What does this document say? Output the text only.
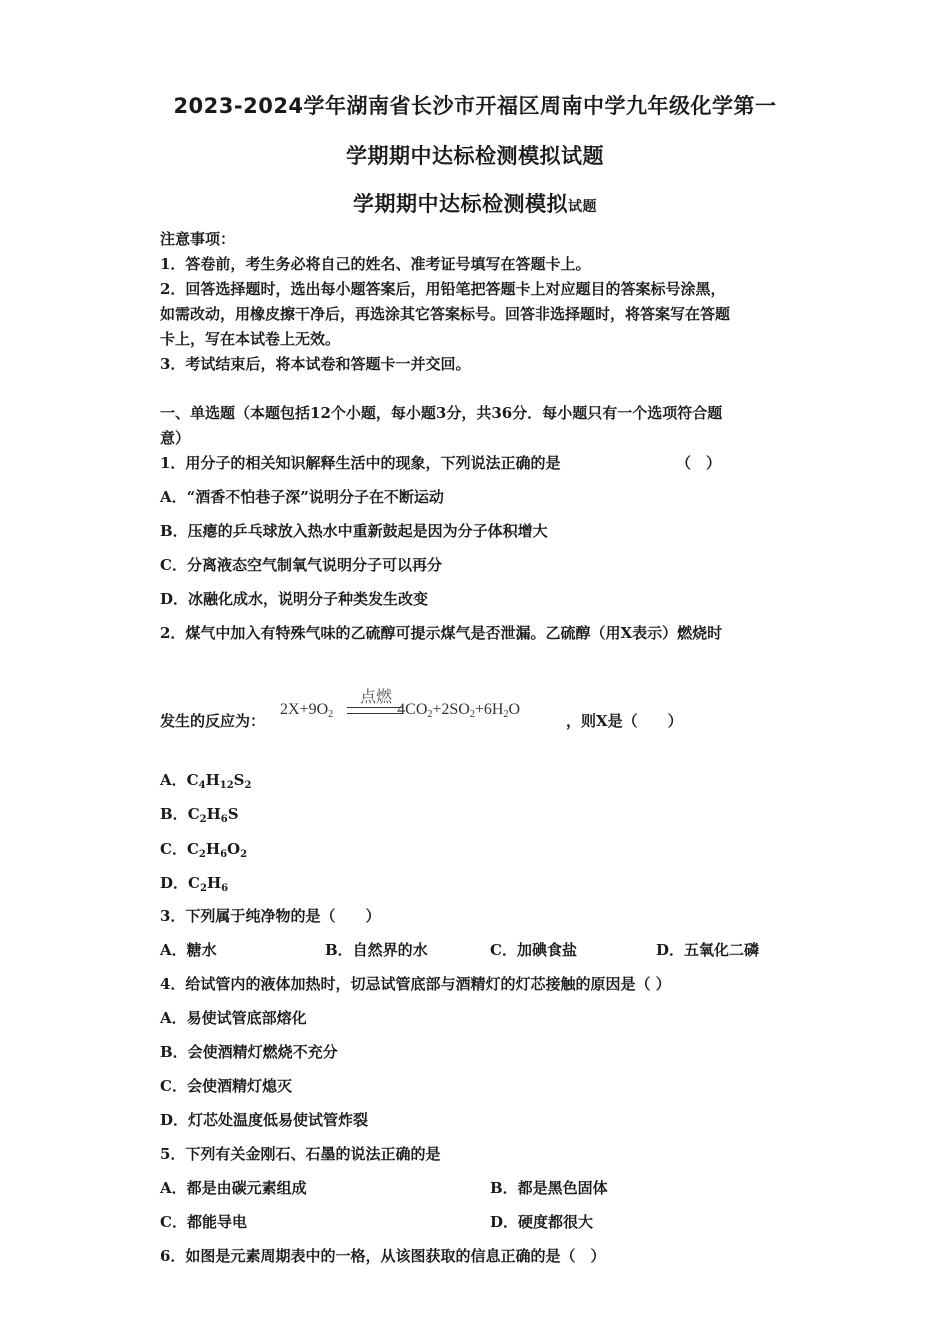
2023-2024学年湖南省长沙市开福区周南中学九年级化学第一
学期期中达标检测模拟试题
学期期中达标检测模拟试题
注意事项：
1．答卷前，考生务必将自己的姓名、准考证号填写在答题卡上。
2．回答选择题时，选出每小题答案后，用铅笔把答题卡上对应题目的答案标号涂黑，
如需改动，用橡皮擦干净后，再选涂其它答案标号。回答非选择题时，将答案写在答题
卡上，写在本试卷上无效。
3．考试结束后，将本试卷和答题卡一并交回。
一、单选题（本题包括12个小题，每小题3分，共36分．每小题只有一个选项符合题
意）
1．用分子的相关知识解释生活中的现象，下列说法正确的是	（　）
A．“酒香不怕巷子深”说明分子在不断运动
B．压瘪的乒乓球放入热水中重新鼓起是因为分子体积增大
C．分离液态空气制氧气说明分子可以再分
D．冰融化成水，说明分子种类发生改变
2．煤气中加入有特殊气味的乙硫醇可提示煤气是否泄漏。乙硫醇（用X表示）燃烧时
发生的反应为：
点燃
$2X+9O_2$	$4CO_2+2SO_2+6H_2O$
，则X是（　　）
A．$C_4H_{12}S_2$
B．$C_2H_6S$
C．$C_2H_6O_2$
D．$C_2H_6$
3．下列属于纯净物的是（　　）
A．糖水	B．自然界的水	C．加碘食盐	D．五氧化二磷
4．给试管内的液体加热时，切忌试管底部与酒精灯的灯芯接触的原因是（ ）
A．易使试管底部熔化
B．会使酒精灯燃烧不充分
C．会使酒精灯熄灭
D．灯芯处温度低易使试管炸裂
5．下列有关金刚石、石墨的说法正确的是
A．都是由碳元素组成	B．都是黑色固体
C．都能导电	D．硬度都很大
6．如图是元素周期表中的一格，从该图获取的信息正确的是（　）
